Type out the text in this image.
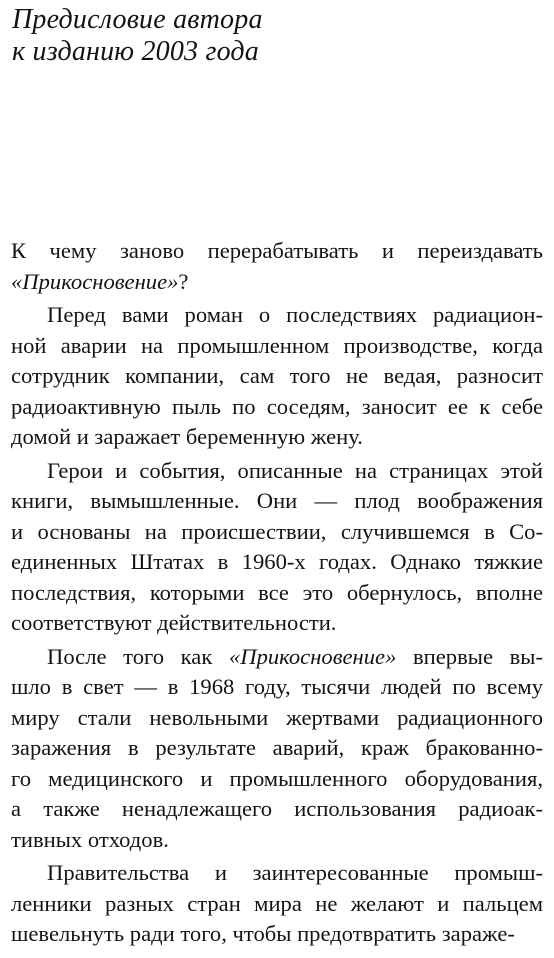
Предисловие автора
к изданию 2003 года

К чему заново перерабатывать и переиздавать
«Прикосновение»?

Перед вами роман о последствиях радиацион-
ной аварии на промышленном производстве, когда
сотрудник компании, сам того не ведая, разносит
радиоактивную пыль по соседям, заносит ее к себе
домой и заражает беременную жену.

Герои и события, описанные на страницах этой
книги, вымышленные. Они — плод воображения
и основаны на происшествии, случившемся в Со-
единенных Штатах в 1960-х годах. Однако тяжкие
последствия, которыми все это обернулось, вполне
соответствуют действительности.

После того как «Прикосновение» впервые вы-
шло в свет — в 1968 году, тысячи людей по всему
миру стали невольными жертвами радиационного
заражения в результате аварий, краж бракованно-
го медицинского и промышленного оборудования,
а также ненадлежащего использования радиоак-
тивных отходов.

Правительства и заинтересованные промыш-
ленники разных стран мира не желают и пальцем
шевельнуть ради того, чтобы предотвратить зараже-
